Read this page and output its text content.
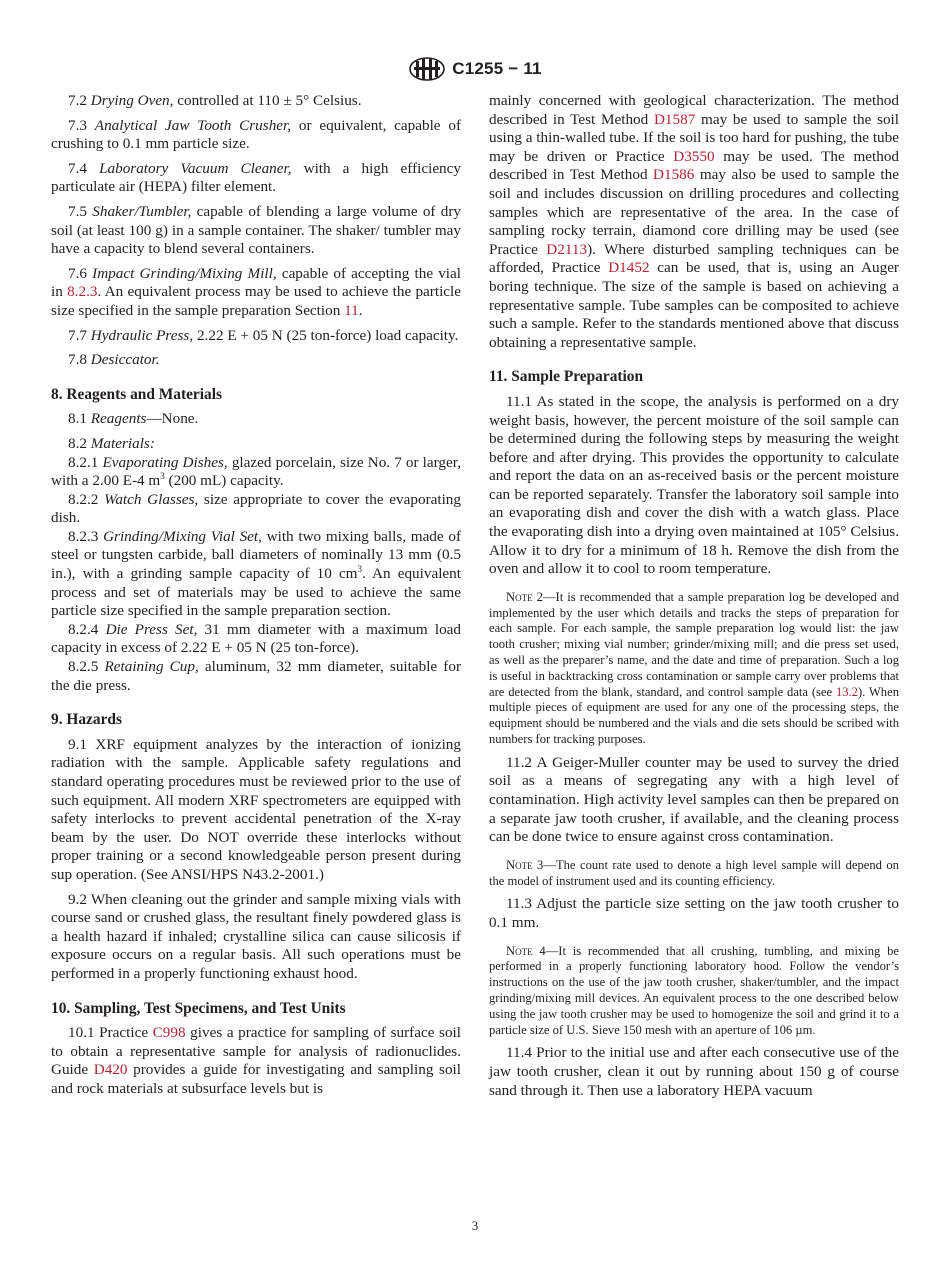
C1255 − 11

7.2 Drying Oven, controlled at 110 ± 5° Celsius.

7.3 Analytical Jaw Tooth Crusher, or equivalent, capable of crushing to 0.1 mm particle size.

7.4 Laboratory Vacuum Cleaner, with a high efficiency particulate air (HEPA) filter element.

7.5 Shaker/Tumbler, capable of blending a large volume of dry soil (at least 100 g) in a sample container. The shaker/ tumbler may have a capacity to blend several containers.

7.6 Impact Grinding/Mixing Mill, capable of accepting the vial in 8.2.3. An equivalent process may be used to achieve the particle size specified in the sample preparation Section 11.

7.7 Hydraulic Press, 2.22 E + 05 N (25 ton-force) load capacity.

7.8 Desiccator.

8. Reagents and Materials

8.1 Reagents—None.

8.2 Materials:

8.2.1 Evaporating Dishes, glazed porcelain, size No. 7 or larger, with a 2.00 E-4 $m^3$ (200 mL) capacity.

8.2.2 Watch Glasses, size appropriate to cover the evaporating dish.

8.2.3 Grinding/Mixing Vial Set, with two mixing balls, made of steel or tungsten carbide, ball diameters of nominally 13 mm (0.5 in.), with a grinding sample capacity of 10 $cm^3$. An equivalent process and set of materials may be used to achieve the same particle size specified in the sample preparation section.

8.2.4 Die Press Set, 31 mm diameter with a maximum load capacity in excess of 2.22 E + 05 N (25 ton-force).

8.2.5 Retaining Cup, aluminum, 32 mm diameter, suitable for the die press.

9. Hazards

9.1 XRF equipment analyzes by the interaction of ionizing radiation with the sample. Applicable safety regulations and standard operating procedures must be reviewed prior to the use of such equipment. All modern XRF spectrometers are equipped with safety interlocks to prevent accidental penetration of the X-ray beam by the user. Do NOT override these interlocks without proper training or a second knowledgeable person present during sup operation. (See ANSI/HPS N43.2-2001.)

9.2 When cleaning out the grinder and sample mixing vials with course sand or crushed glass, the resultant finely powdered glass is a health hazard if inhaled; crystalline silica can cause silicosis if exposure occurs on a regular basis. All such operations must be performed in a properly functioning exhaust hood.

10. Sampling, Test Specimens, and Test Units

10.1 Practice C998 gives a practice for sampling of surface soil to obtain a representative sample for analysis of radionuclides. Guide D420 provides a guide for investigating and sampling soil and rock materials at subsurface levels but is

mainly concerned with geological characterization. The method described in Test Method D1587 may be used to sample the soil using a thin-walled tube. If the soil is too hard for pushing, the tube may be driven or Practice D3550 may be used. The method described in Test Method D1586 may also be used to sample the soil and includes discussion on drilling procedures and collecting samples which are representative of the area. In the case of sampling rocky terrain, diamond core drilling may be used (see Practice D2113). Where disturbed sampling techniques can be afforded, Practice D1452 can be used, that is, using an Auger boring technique. The size of the sample is based on achieving a representative sample. Tube samples can be composited to achieve such a sample. Refer to the standards mentioned above that discuss obtaining a representative sample.

11. Sample Preparation

11.1 As stated in the scope, the analysis is performed on a dry weight basis, however, the percent moisture of the soil sample can be determined during the following steps by measuring the weight before and after drying. This provides the opportunity to calculate and report the data on an as-received basis or the percent moisture can be reported separately. Transfer the laboratory soil sample into an evaporating dish and cover the dish with a watch glass. Place the evaporating dish into a drying oven maintained at 105° Celsius. Allow it to dry for a minimum of 18 h. Remove the dish from the oven and allow it to cool to room temperature.

Note 2—It is recommended that a sample preparation log be developed and implemented by the user which details and tracks the steps of preparation for each sample. For each sample, the sample preparation log would list: the jaw tooth crusher; mixing vial number; grinder/mixing mill; and die press set used, as well as the preparer’s name, and the date and time of preparation. Such a log is useful in backtracking cross contamination or sample carry over problems that are detected from the blank, standard, and control sample data (see 13.2). When multiple pieces of equipment are used for any one of the processing steps, the equipment should be numbered and the vials and die sets should be scribed with numbers for tracking purposes.

11.2 A Geiger-Muller counter may be used to survey the dried soil as a means of segregating any with a high level of contamination. High activity level samples can then be prepared on a separate jaw tooth crusher, if available, and the cleaning process can be done twice to ensure against cross contamination.

Note 3—The count rate used to denote a high level sample will depend on the model of instrument used and its counting efficiency.

11.3 Adjust the particle size setting on the jaw tooth crusher to 0.1 mm.

Note 4—It is recommended that all crushing, tumbling, and mixing be performed in a properly functioning laboratory hood. Follow the vendor’s instructions on the use of the jaw tooth crusher, shaker/tumbler, and the impact grinding/mixing mill devices. An equivalent process to the one described below using the jaw tooth crusher may be used to homogenize the soil and grind it to a particle size of U.S. Sieve 150 mesh with an aperture of 106 µm.

11.4 Prior to the initial use and after each consecutive use of the jaw tooth crusher, clean it out by running about 150 g of course sand through it. Then use a laboratory HEPA vacuum

3
